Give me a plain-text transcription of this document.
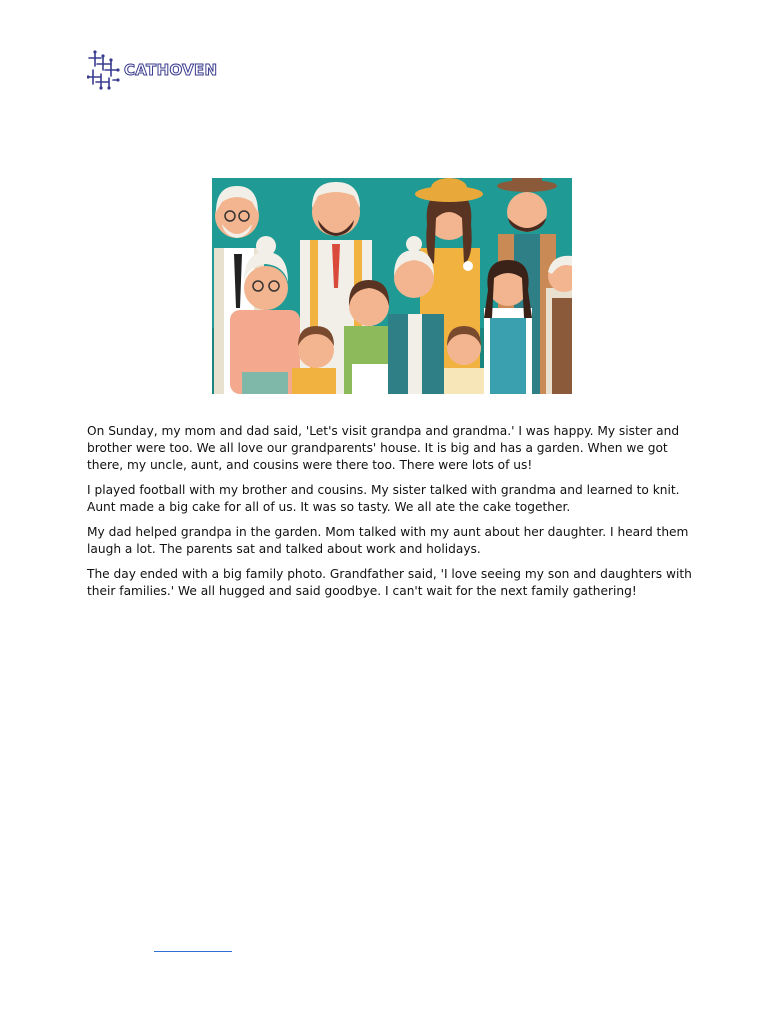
CATHOVEN

On Sunday, my mom and dad said, 'Let's visit grandpa and grandma.' I was happy. My sister and brother were too. We all love our grandparents' house. It is big and has a garden. When we got there, my uncle, aunt, and cousins were there too. There were lots of us!

I played football with my brother and cousins. My sister talked with grandma and learned to knit. Aunt made a big cake for all of us. It was so tasty. We all ate the cake together.

My dad helped grandpa in the garden. Mom talked with my aunt about her daughter. I heard them laugh a lot. The parents sat and talked about work and holidays.

The day ended with a big family photo. Grandfather said, 'I love seeing my son and daughters with their families.' We all hugged and said goodbye. I can't wait for the next family gathering!
